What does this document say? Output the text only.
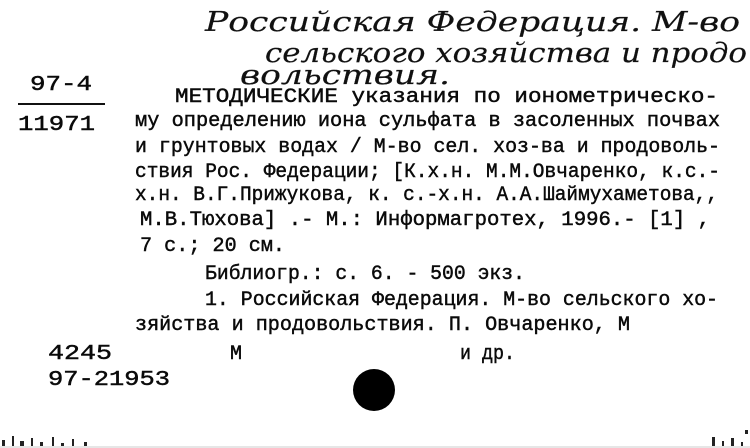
Российская Федерация. М-во
сельского хозяйства и продо
вольствия.
97-4
11971
МЕТОДИЧЕСКИЕ указания по ионометрическо-
му определению иона сульфата в засоленных почвах
и грунтовых водах / М-во сел. хоз-ва и продоволь-
ствия Рос. Федерации; [К.х.н. М.М.Овчаренко, к.с.-
х.н. В.Г.Прижукова, к. с.-х.н. А.А.Шаймухаметова,,
М.В.Тюхова] .- М.: Информагротех, 1996.- [1] ,
7 с.; 20 см.
Библиогр.: с. 6. - 500 экз.
1. Российская Федерация. М-во сельского хо-
зяйства и продовольствия. П. Овчаренко, М
М	и др.
4245
97-21953
